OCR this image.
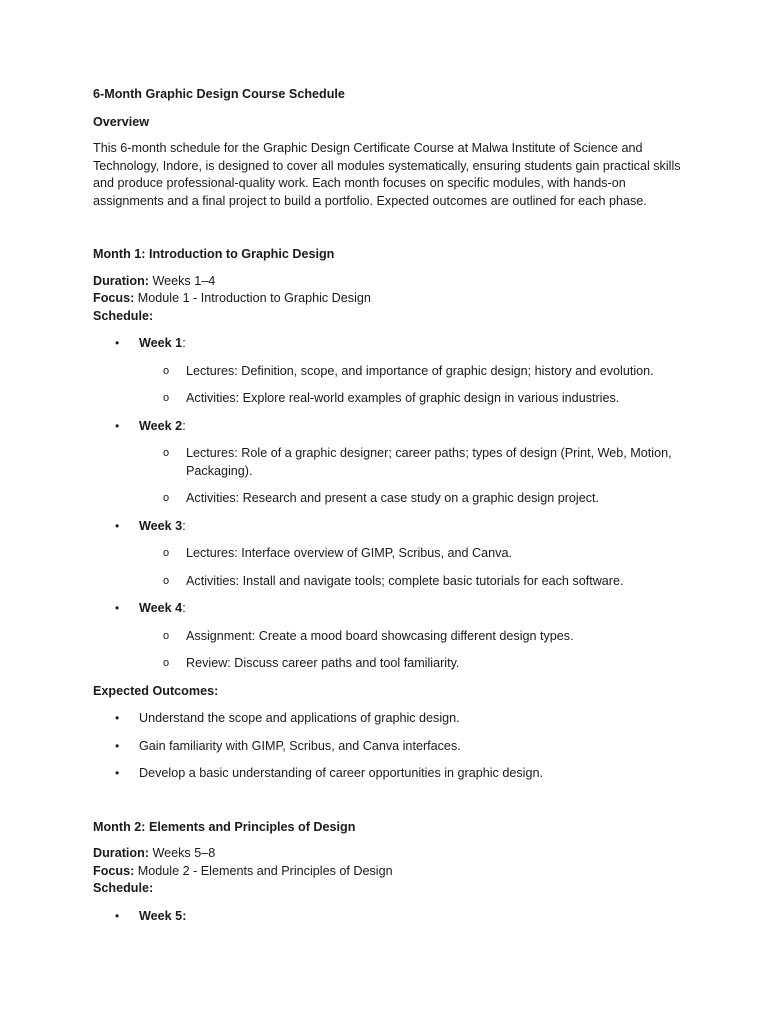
6-Month Graphic Design Course Schedule
Overview
This 6-month schedule for the Graphic Design Certificate Course at Malwa Institute of Science and Technology, Indore, is designed to cover all modules systematically, ensuring students gain practical skills and produce professional-quality work. Each month focuses on specific modules, with hands-on assignments and a final project to build a portfolio. Expected outcomes are outlined for each phase.
Month 1: Introduction to Graphic Design
Duration: Weeks 1–4
Focus: Module 1 - Introduction to Graphic Design
Schedule:
• Week 1:
o Lectures: Definition, scope, and importance of graphic design; history and evolution.
o Activities: Explore real-world examples of graphic design in various industries.
• Week 2:
o Lectures: Role of a graphic designer; career paths; types of design (Print, Web, Motion, Packaging).
o Activities: Research and present a case study on a graphic design project.
• Week 3:
o Lectures: Interface overview of GIMP, Scribus, and Canva.
o Activities: Install and navigate tools; complete basic tutorials for each software.
• Week 4:
o Assignment: Create a mood board showcasing different design types.
o Review: Discuss career paths and tool familiarity.
Expected Outcomes:
• Understand the scope and applications of graphic design.
• Gain familiarity with GIMP, Scribus, and Canva interfaces.
• Develop a basic understanding of career opportunities in graphic design.
Month 2: Elements and Principles of Design
Duration: Weeks 5–8
Focus: Module 2 - Elements and Principles of Design
Schedule:
• Week 5:
